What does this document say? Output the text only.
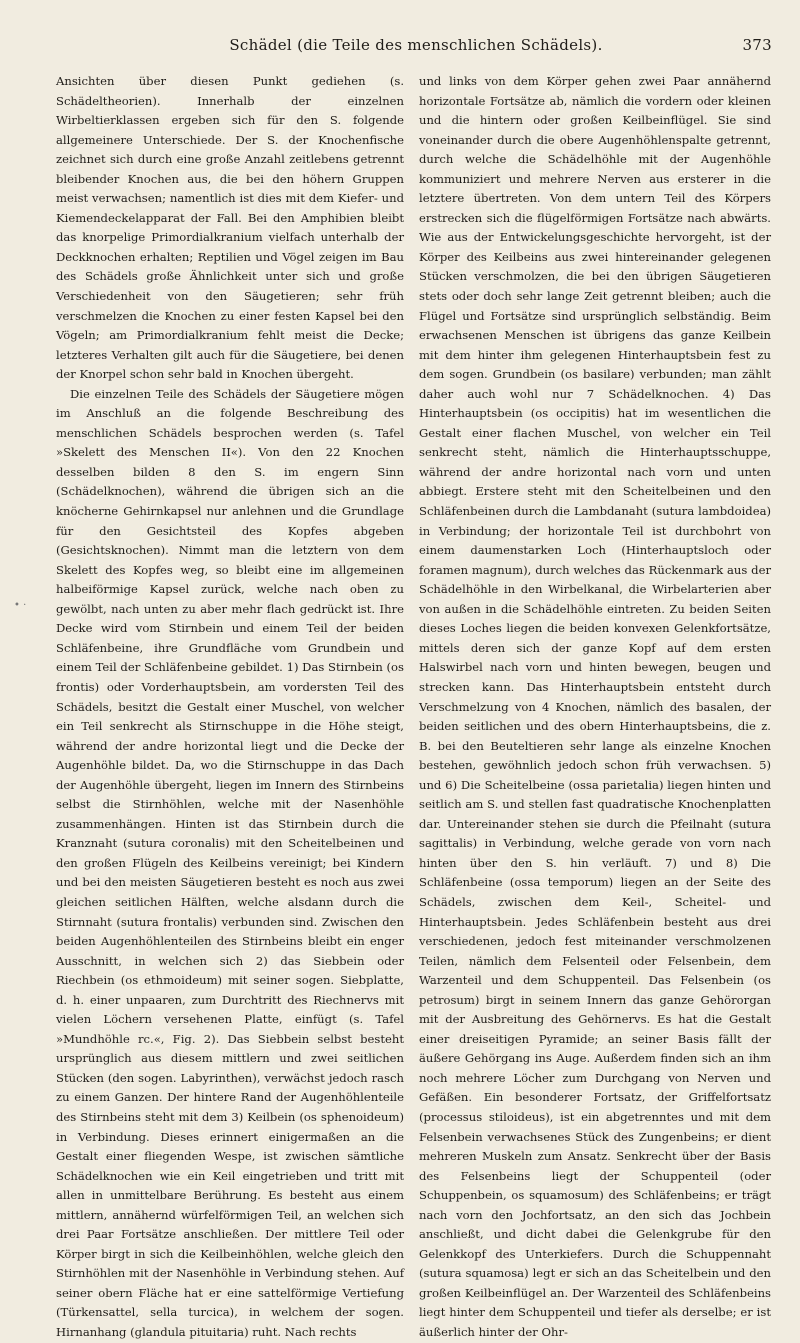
Schädel (die Teile des menschlichen Schädels).	373
• ·

Ansichten über diesen Punkt gediehen (s. Schädeltheorien). Innerhalb der einzelnen Wirbeltierklassen ergeben sich für den S. folgende allgemeinere Unterschiede. Der S. der Knochenfische zeichnet sich durch eine große Anzahl zeitlebens getrennt bleibender Knochen aus, die bei den höhern Gruppen meist verwachsen; namentlich ist dies mit dem Kiefer- und Kiemendeckelapparat der Fall. Bei den Amphibien bleibt das knorpelige Primordialkranium vielfach unterhalb der Deckknochen erhalten; Reptilien und Vögel zeigen im Bau des Schädels große Ähnlichkeit unter sich und große Verschiedenheit von den Säugetieren; sehr früh verschmelzen die Knochen zu einer festen Kapsel bei den Vögeln; am Primordialkranium fehlt meist die Decke; letzteres Verhalten gilt auch für die Säugetiere, bei denen der Knorpel schon sehr bald in Knochen übergeht.

Die einzelnen Teile des Schädels der Säugetiere mögen im Anschluß an die folgende Beschreibung des menschlichen Schädels besprochen werden (s. Tafel »Skelett des Menschen II«). Von den 22 Knochen desselben bilden 8 den S. im engern Sinn (Schädelknochen), während die übrigen sich an die knöcherne Gehirnkapsel nur anlehnen und die Grundlage für den Gesichtsteil des Kopfes abgeben (Gesichtsknochen). Nimmt man die letztern von dem Skelett des Kopfes weg, so bleibt eine im allgemeinen halbeiförmige Kapsel zurück, welche nach oben zu gewölbt, nach unten zu aber mehr flach gedrückt ist. Ihre Decke wird vom Stirnbein und einem Teil der beiden Schläfenbeine, ihre Grundfläche vom Grundbein und einem Teil der Schläfenbeine gebildet. 1) Das Stirnbein (os frontis) oder Vorderhauptsbein, am vordersten Teil des Schädels, besitzt die Gestalt einer Muschel, von welcher ein Teil senkrecht als Stirnschuppe in die Höhe steigt, während der andre horizontal liegt und die Decke der Augenhöhle bildet. Da, wo die Stirnschuppe in das Dach der Augenhöhle übergeht, liegen im Innern des Stirnbeins selbst die Stirnhöhlen, welche mit der Nasenhöhle zusammenhängen. Hinten ist das Stirnbein durch die Kranznaht (sutura coronalis) mit den Scheitelbeinen und den großen Flügeln des Keilbeins vereinigt; bei Kindern und bei den meisten Säugetieren besteht es noch aus zwei gleichen seitlichen Hälften, welche alsdann durch die Stirnnaht (sutura frontalis) verbunden sind. Zwischen den beiden Augenhöhlenteilen des Stirnbeins bleibt ein enger Ausschnitt, in welchen sich 2) das Siebbein oder Riechbein (os ethmoideum) mit seiner sogen. Siebplatte, d. h. einer unpaaren, zum Durchtritt des Riechnervs mit vielen Löchern versehenen Platte, einfügt (s. Tafel »Mundhöhle rc.«, Fig. 2). Das Siebbein selbst besteht ursprünglich aus diesem mittlern und zwei seitlichen Stücken (den sogen. Labyrinthen), verwächst jedoch rasch zu einem Ganzen. Der hintere Rand der Augenhöhlenteile des Stirnbeins steht mit dem 3) Keilbein (os sphenoideum) in Verbindung. Dieses erinnert einigermaßen an die Gestalt einer fliegenden Wespe, ist zwischen sämtliche Schädelknochen wie ein Keil eingetrieben und tritt mit allen in unmittelbare Berührung. Es besteht aus einem mittlern, annähernd würfelförmigen Teil, an welchen sich drei Paar Fortsätze anschließen. Der mittlere Teil oder Körper birgt in sich die Keilbeinhöhlen, welche gleich den Stirnhöhlen mit der Nasenhöhle in Verbindung stehen. Auf seiner obern Fläche hat er eine sattelförmige Vertiefung (Türkensattel, sella turcica), in welchem der sogen. Hirnanhang (glandula pituitaria) ruht. Nach rechts

und links von dem Körper gehen zwei Paar annähernd horizontale Fortsätze ab, nämlich die vordern oder kleinen und die hintern oder großen Keilbeinflügel. Sie sind voneinander durch die obere Augenhöhlenspalte getrennt, durch welche die Schädelhöhle mit der Augenhöhle kommuniziert und mehrere Nerven aus ersterer in die letztere übertreten. Von dem untern Teil des Körpers erstrecken sich die flügelförmigen Fortsätze nach abwärts. Wie aus der Entwickelungsgeschichte hervorgeht, ist der Körper des Keilbeins aus zwei hintereinander gelegenen Stücken verschmolzen, die bei den übrigen Säugetieren stets oder doch sehr lange Zeit getrennt bleiben; auch die Flügel und Fortsätze sind ursprünglich selbständig. Beim erwachsenen Menschen ist übrigens das ganze Keilbein mit dem hinter ihm gelegenen Hinterhauptsbein fest zu dem sogen. Grundbein (os basilare) verbunden; man zählt daher auch wohl nur 7 Schädelknochen. 4) Das Hinterhauptsbein (os occipitis) hat im wesentlichen die Gestalt einer flachen Muschel, von welcher ein Teil senkrecht steht, nämlich die Hinterhauptsschuppe, während der andre horizontal nach vorn und unten abbiegt. Erstere steht mit den Scheitelbeinen und den Schläfenbeinen durch die Lambdanaht (sutura lambdoidea) in Verbindung; der horizontale Teil ist durchbohrt von einem daumenstarken Loch (Hinterhauptsloch oder foramen magnum), durch welches das Rückenmark aus der Schädelhöhle in den Wirbelkanal, die Wirbelarterien aber von außen in die Schädelhöhle eintreten. Zu beiden Seiten dieses Loches liegen die beiden konvexen Gelenkfortsätze, mittels deren sich der ganze Kopf auf dem ersten Halswirbel nach vorn und hinten bewegen, beugen und strecken kann. Das Hinterhauptsbein entsteht durch Verschmelzung von 4 Knochen, nämlich des basalen, der beiden seitlichen und des obern Hinterhauptsbeins, die z. B. bei den Beuteltieren sehr lange als einzelne Knochen bestehen, gewöhnlich jedoch schon früh verwachsen. 5) und 6) Die Scheitelbeine (ossa parietalia) liegen hinten und seitlich am S. und stellen fast quadratische Knochenplatten dar. Untereinander stehen sie durch die Pfeilnaht (sutura sagittalis) in Verbindung, welche gerade von vorn nach hinten über den S. hin verläuft. 7) und 8) Die Schläfenbeine (ossa temporum) liegen an der Seite des Schädels, zwischen dem Keil-, Scheitel- und Hinterhauptsbein. Jedes Schläfenbein besteht aus drei verschiedenen, jedoch fest miteinander verschmolzenen Teilen, nämlich dem Felsenteil oder Felsenbein, dem Warzenteil und dem Schuppenteil. Das Felsenbein (os petrosum) birgt in seinem Innern das ganze Gehörorgan mit der Ausbreitung des Gehörnervs. Es hat die Gestalt einer dreiseitigen Pyramide; an seiner Basis fällt der äußere Gehörgang ins Auge. Außerdem finden sich an ihm noch mehrere Löcher zum Durchgang von Nerven und Gefäßen. Ein besonderer Fortsatz, der Griffelfortsatz (processus stiloideus), ist ein abgetrenntes und mit dem Felsenbein verwachsenes Stück des Zungenbeins; er dient mehreren Muskeln zum Ansatz. Senkrecht über der Basis des Felsenbeins liegt der Schuppenteil (oder Schuppenbein, os squamosum) des Schläfenbeins; er trägt nach vorn den Jochfortsatz, an den sich das Jochbein anschließt, und dicht dabei die Gelenkgrube für den Gelenkkopf des Unterkiefers. Durch die Schuppennaht (sutura squamosa) legt er sich an das Scheitelbein und den großen Keilbeinflügel an. Der Warzenteil des Schläfenbeins liegt hinter dem Schuppenteil und tiefer als derselbe; er ist äußerlich hinter der Ohr-
